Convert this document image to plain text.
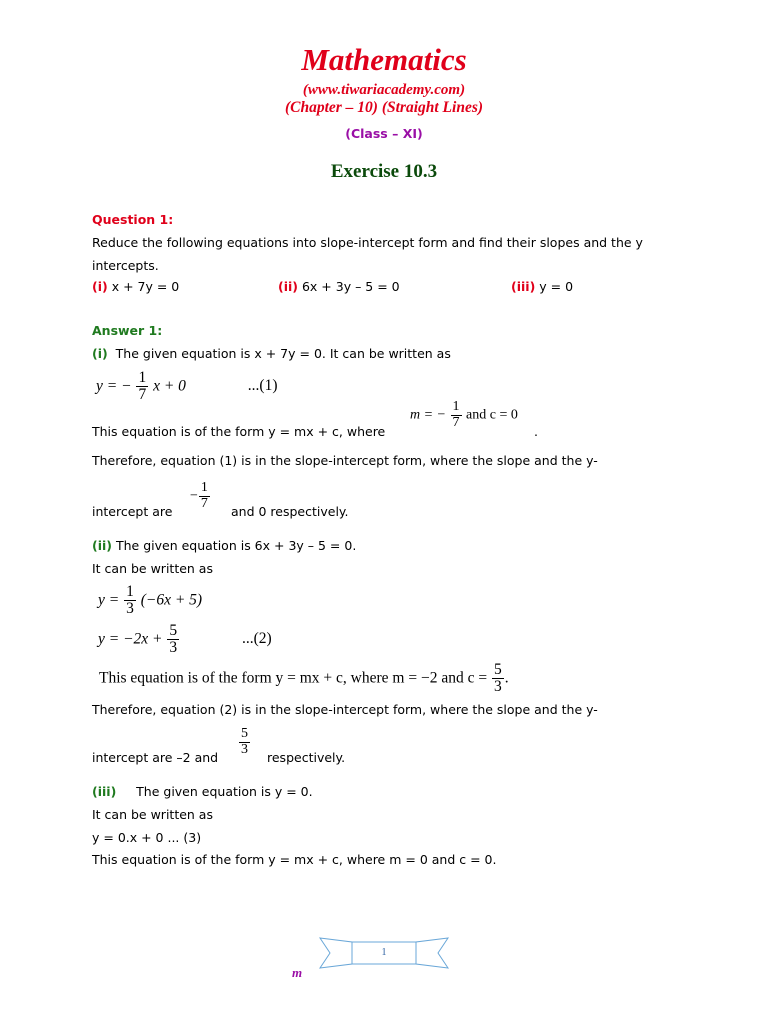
Mathematics
(www.tiwariacademy.com)
(Chapter – 10) (Straight Lines)
(Class – XI)
Exercise 10.3
Question 1:
Reduce the following equations into slope-intercept form and find their slopes and the y
intercepts.
(i) x + 7y = 0	(ii) 6x + 3y – 5 = 0	(iii) y = 0
Answer 1:
(i) The given equation is x + 7y = 0. It can be written as
y = − $\frac{1}{7}$ x + 0	...(1)
This equation is of the form y = mx + c, where
m = − $\frac{1}{7}$ and c = 0
.
Therefore, equation (1) is in the slope-intercept form, where the slope and the y-
intercept are
− $\frac{1}{7}$
and 0 respectively.
(ii) The given equation is 6x + 3y – 5 = 0.
It can be written as
$y = \frac{1}{3} (-6x + 5)$
$y = -2x + \frac{5}{3}$	...(2)
This equation is of the form y = mx + c, where m = −2 and $c = \frac{5}{3}$ .
Therefore, equation (2) is in the slope-intercept form, where the slope and the y-
intercept are –2 and
$\frac{5}{3}$
respectively.
(iii) The given equation is y = 0.
It can be written as
y = 0.x + 0 ... (3)
This equation is of the form y = mx + c, where m = 0 and c = 0.
1
m
